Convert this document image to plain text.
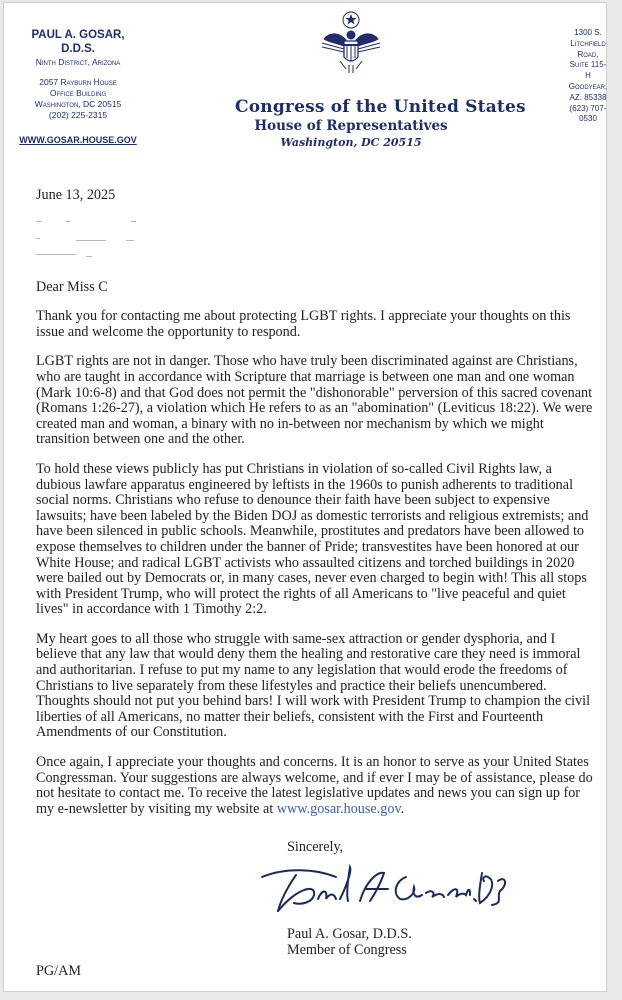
PAUL A. GOSAR,
D.D.S.
Ninth District, Arizona
2057 Rayburn House
Office Building
Washington, DC 20515
(202) 225-2315
WWW.GOSAR.HOUSE.GOV
Congress of the United States
House of Representatives
Washington, DC 20515
1300 S.
Litchfield
Road,
Suite 115-
H
Goodyear,
AZ. 85338
(623) 707-
0530

June 13, 2025

Dear Miss C

Thank you for contacting me about protecting LGBT rights. I appreciate your thoughts on this issue and welcome the opportunity to respond.

LGBT rights are not in danger. Those who have truly been discriminated against are Christians, who are taught in accordance with Scripture that marriage is between one man and one woman (Mark 10:6-8) and that God does not permit the "dishonorable" perversion of this sacred covenant (Romans 1:26-27), a violation which He refers to as an "abomination" (Leviticus 18:22). We were created man and woman, a binary with no in-between nor mechanism by which we might transition between one and the other.

To hold these views publicly has put Christians in violation of so-called Civil Rights law, a dubious lawfare apparatus engineered by leftists in the 1960s to punish adherents to traditional social norms. Christians who refuse to denounce their faith have been subject to expensive lawsuits; have been labeled by the Biden DOJ as domestic terrorists and religious extremists; and have been silenced in public schools. Meanwhile, prostitutes and predators have been allowed to expose themselves to children under the banner of Pride; transvestites have been honored at our White House; and radical LGBT activists who assaulted citizens and torched buildings in 2020 were bailed out by Democrats or, in many cases, never even charged to begin with! This all stops with President Trump, who will protect the rights of all Americans to "live peaceful and quiet lives" in accordance with 1 Timothy 2:2.

My heart goes to all those who struggle with same-sex attraction or gender dysphoria, and I believe that any law that would deny them the healing and restorative care they need is immoral and authoritarian. I refuse to put my name to any legislation that would erode the freedoms of Christians to live separately from these lifestyles and practice their beliefs unencumbered. Thoughts should not put you behind bars! I will work with President Trump to champion the civil liberties of all Americans, no matter their beliefs, consistent with the First and Fourteenth Amendments of our Constitution.

Once again, I appreciate your thoughts and concerns. It is an honor to serve as your United States Congressman. Your suggestions are always welcome, and if ever I may be of assistance, please do not hesitate to contact me. To receive the latest legislative updates and news you can sign up for my e-newsletter by visiting my website at www.gosar.house.gov.

Sincerely,
Paul A. Gosar, D.D.S.
Member of Congress
PG/AM
